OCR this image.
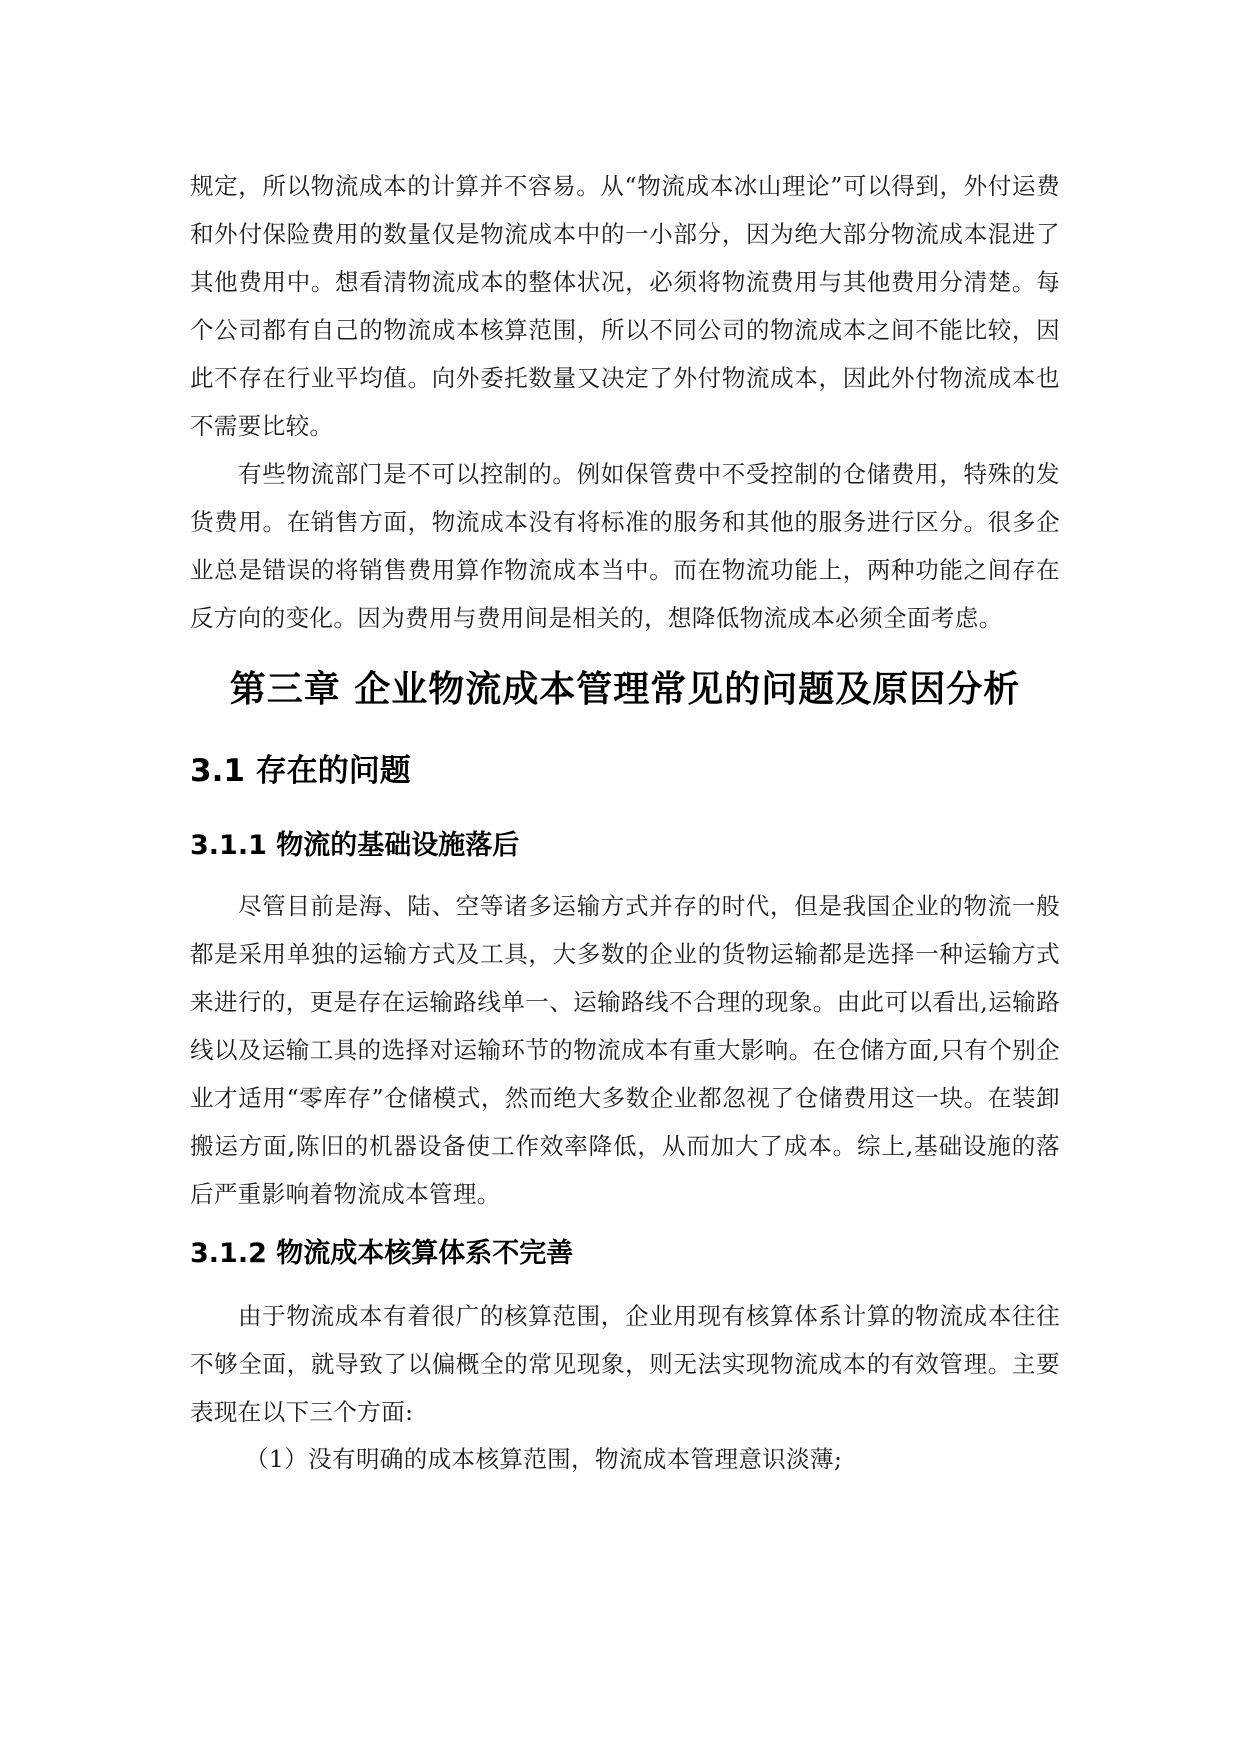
规定，所以物流成本的计算并不容易。从“物流成本冰山理论”可以得到，外付运费和外付保险费用的数量仅是物流成本中的一小部分，因为绝大部分物流成本混进了其他费用中。想看清物流成本的整体状况，必须将物流费用与其他费用分清楚。每个公司都有自己的物流成本核算范围，所以不同公司的物流成本之间不能比较，因此不存在行业平均值。向外委托数量又决定了外付物流成本，因此外付物流成本也不需要比较。

有些物流部门是不可以控制的。例如保管费中不受控制的仓储费用，特殊的发货费用。在销售方面，物流成本没有将标准的服务和其他的服务进行区分。很多企业总是错误的将销售费用算作物流成本当中。而在物流功能上，两种功能之间存在反方向的变化。因为费用与费用间是相关的，想降低物流成本必须全面考虑。

第三章 企业物流成本管理常见的问题及原因分析
3.1 存在的问题
3.1.1 物流的基础设施落后

尽管目前是海、陆、空等诸多运输方式并存的时代，但是我国企业的物流一般都是采用单独的运输方式及工具，大多数的企业的货物运输都是选择一种运输方式来进行的，更是存在运输路线单一、运输路线不合理的现象。由此可以看出,运输路线以及运输工具的选择对运输环节的物流成本有重大影响。在仓储方面,只有个别企业才适用“零库存”仓储模式，然而绝大多数企业都忽视了仓储费用这一块。在装卸搬运方面,陈旧的机器设备使工作效率降低，从而加大了成本。综上,基础设施的落后严重影响着物流成本管理。

3.1.2 物流成本核算体系不完善

由于物流成本有着很广的核算范围，企业用现有核算体系计算的物流成本往往不够全面，就导致了以偏概全的常见现象，则无法实现物流成本的有效管理。主要表现在以下三个方面:

（1）没有明确的成本核算范围，物流成本管理意识淡薄;
